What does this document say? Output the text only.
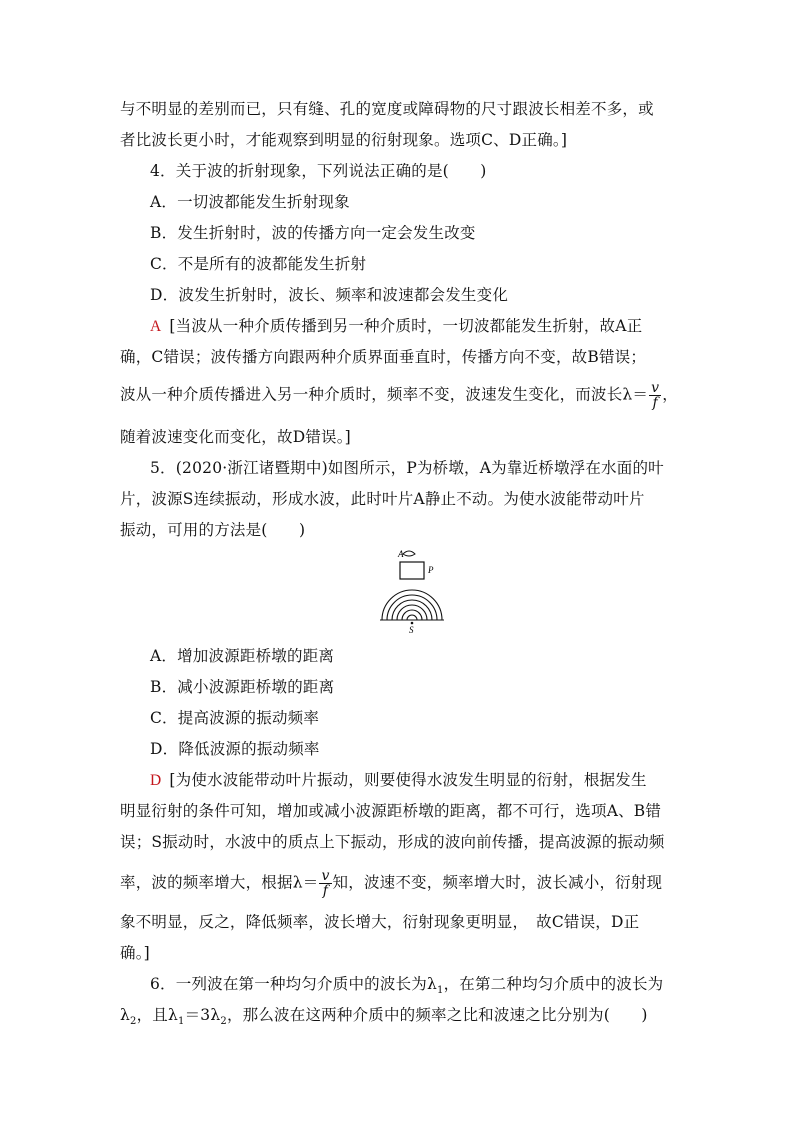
与不明显的差别而已，只有缝、孔的宽度或障碍物的尺寸跟波长相差不多，或
者比波长更小时，才能观察到明显的衍射现象。选项C、D正确。]
4．关于波的折射现象，下列说法正确的是(　　)
A．一切波都能发生折射现象
B．发生折射时，波的传播方向一定会发生改变
C．不是所有的波都能发生折射
D．波发生折射时，波长、频率和波速都会发生变化
A [当波从一种介质传播到另一种介质时，一切波都能发生折射，故A正
确，C错误；波传播方向跟两种介质界面垂直时，传播方向不变，故B错误；
波从一种介质传播进入另一种介质时，频率不变，波速发生变化，而波长$\lambda= \frac{v}{f}$ ，
随着波速变化而变化，故D错误。]
5．(2020·浙江诸暨期中)如图所示，P为桥墩，A为靠近桥墩浮在水面的叶
片，波源S连续振动，形成水波，此时叶片A静止不动。为使水波能带动叶片
振动，可用的方法是(　　)
A
P
S
A．增加波源距桥墩的距离
B．减小波源距桥墩的距离
C．提高波源的振动频率
D．降低波源的振动频率
D [为使水波能带动叶片振动，则要使得水波发生明显的衍射，根据发生
明显衍射的条件可知，增加或减小波源距桥墩的距离，都不可行，选项A、B错
误；S振动时，水波中的质点上下振动，形成的波向前传播，提高波源的振动频
率，波的频率增大，根据$\lambda= \frac{v}{f}$ 知，波速不变，频率增大时，波长减小，衍射现
象不明显，反之，降低频率，波长增大，衍射现象更明显，　故C错误，D正
确。]
6．一列波在第一种均匀介质中的波长为$\lambda_1$，在第二种均匀介质中的波长为
$\lambda_2$，且$\lambda_1=3\lambda_2$，那么波在这两种介质中的频率之比和波速之比分别为(　　)
